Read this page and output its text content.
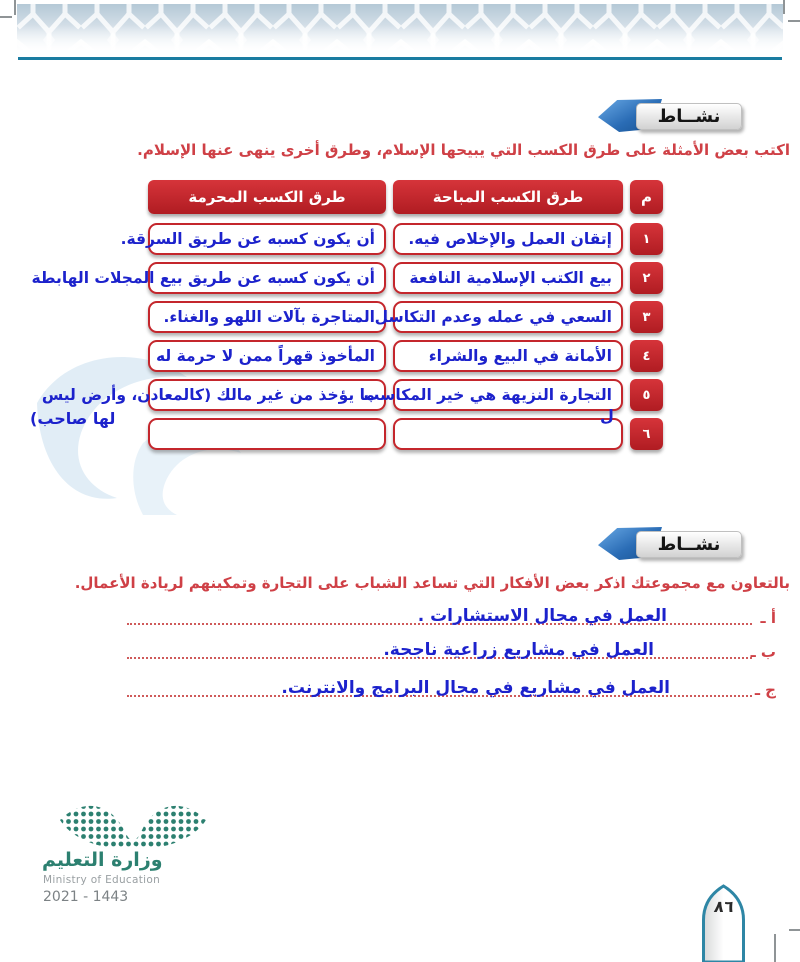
نشــاط
اكتب بعض الأمثلة على طرق الكسب التي يبيحها الإسلام، وطرق أخرى ينهى عنها الإسلام.
م
طرق الكسب المباحة
طرق الكسب المحرمة
١
إتقان العمل والإخلاص فيه.
أن يكون كسبه عن طريق السرقة.
٢
بيع الكتب الإسلامية النافعة
أن يكون كسبه عن طريق بيع المجلات الهابطة
٣
السعي في عمله وعدم التكاسل
المتاجرة بآلات اللهو والغناء.
٤
الأمانة في البيع والشراء
المأخوذ قهراً ممن لا حرمة له
٥
التجارة النزيهة هي خير المكاسب
ما يؤخذ من غير مالك (كالمعادن، وأرض ليس
٦
لها صاحب)	ل
نشــاط
بالتعاون مع مجموعتك اذكر بعض الأفكار التي تساعد الشباب على التجارة وتمكينهم لريادة الأعمال.
أ ـ
العمل في مجال الاستشارات .
ب ـ
العمل في مشاريع زراعية ناجحة.
ج ـ
العمل في مشاريع في مجال البرامج والانترنت.
وزارة التعليم
Ministry of Education
2021 - 1443	٨٦
